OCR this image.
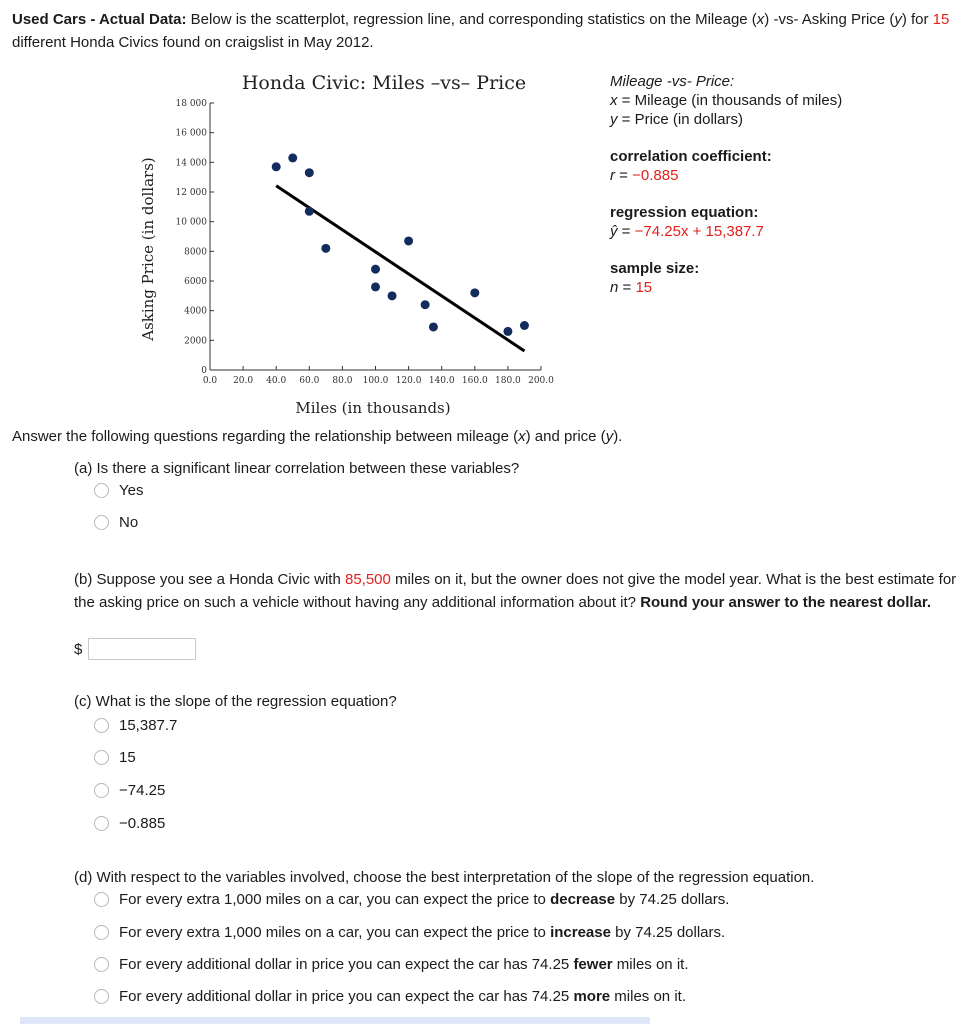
Used Cars - Actual Data: Below is the scatterplot, regression line, and corresponding statistics on the Mileage (x) -vs- Asking Price (y) for 15 different Honda Civics found on craigslist in May 2012.
Honda Civic: Miles –vs– Price
0
2000
4000
6000
8000
10 000
12 000
14 000
16 000
18 000
0.0 20.0 40.0 60.0 80.0 100.0 120.0 140.0 160.0 180.0 200.0
Miles (in thousands)
Asking Price (in dollars)
Mileage -vs- Price:
x = Mileage (in thousands of miles)
y = Price (in dollars)
correlation coefficient:
r = −0.885
regression equation:
ŷ = −74.25x + 15,387.7
sample size:
n = 15
Answer the following questions regarding the relationship between mileage (x) and price (y).
(a) Is there a significant linear correlation between these variables?
Yes
No
(b) Suppose you see a Honda Civic with 85,500 miles on it, but the owner does not give the model year. What is the best estimate for the asking price on such a vehicle without having any additional information about it? Round your answer to the nearest dollar.
$
(c) What is the slope of the regression equation?
15,387.7
15
−74.25
−0.885
(d) With respect to the variables involved, choose the best interpretation of the slope of the regression equation.
For every extra 1,000 miles on a car, you can expect the price to decrease by 74.25 dollars.
For every extra 1,000 miles on a car, you can expect the price to increase by 74.25 dollars.
For every additional dollar in price you can expect the car has 74.25 fewer miles on it.
For every additional dollar in price you can expect the car has 74.25 more miles on it.
